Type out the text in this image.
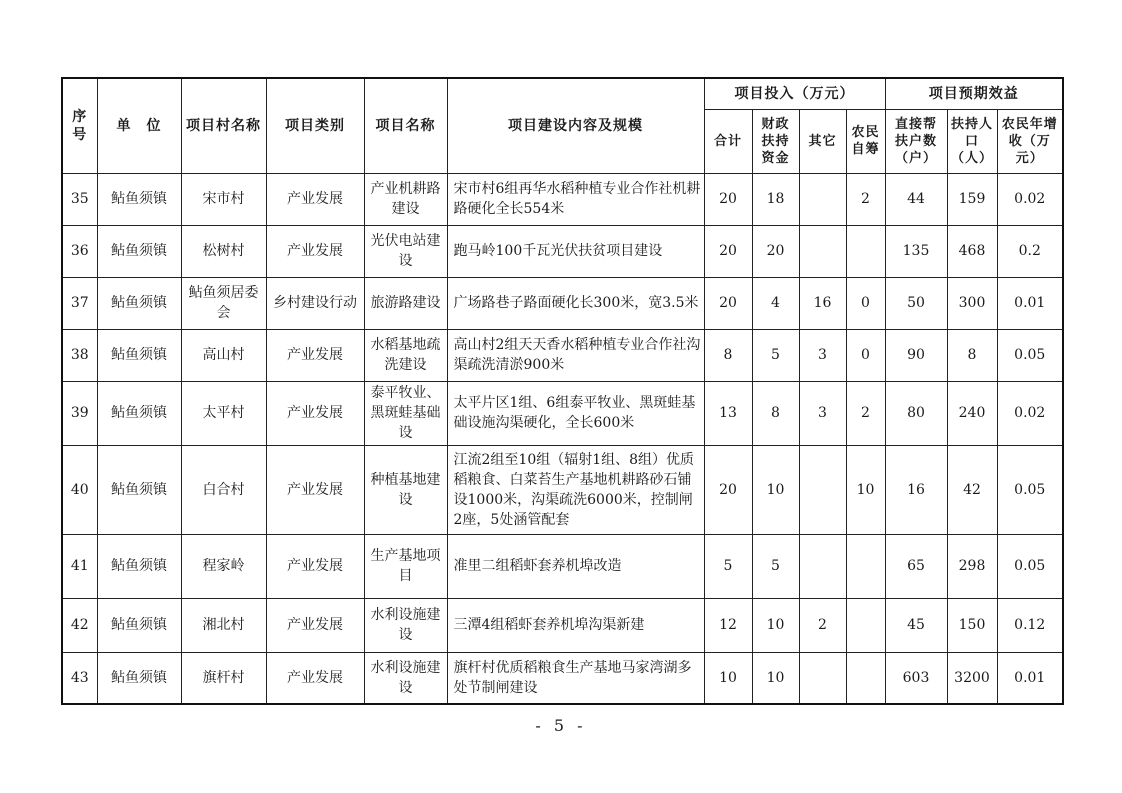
序号	单　位	项目村名称	项目类别	项目名称	项目建设内容及规模	项目投入（万元）				项目预期效益		
						合计	财政扶持资金	其它	农民自筹	直接帮扶户数（户）	扶持人口（人）	农民年增收（万元）
35	鲇鱼须镇	宋市村	产业发展	产业机耕路建设	宋市村6组再华水稻种植专业合作社机耕路硬化全长554米	20	18		2	44	159	0.02
36	鲇鱼须镇	松树村	产业发展	光伏电站建设	跑马岭100千瓦光伏扶贫项目建设	20	20			135	468	0.2
37	鲇鱼须镇	鲇鱼须居委会	乡村建设行动	旅游路建设	广场路巷子路面硬化长300米，宽3.5米	20	4	16	0	50	300	0.01
38	鲇鱼须镇	高山村	产业发展	水稻基地疏洗建设	高山村2组天天香水稻种植专业合作社沟渠疏洗清淤900米	8	5	3	0	90	8	0.05
39	鲇鱼须镇	太平村	产业发展	泰平牧业、黑斑蛙基础设	太平片区1组、6组泰平牧业、黑斑蛙基础设施沟渠硬化，全长600米	13	8	3	2	80	240	0.02
40	鲇鱼须镇	白合村	产业发展	种植基地建设	江流2组至10组（辐射1组、8组）优质稻粮食、白菜苔生产基地机耕路砂石铺设1000米，沟渠疏洗6000米，控制闸2座，5处涵管配套	20	10		10	16	42	0.05
41	鲇鱼须镇	程家岭	产业发展	生产基地项目	准里二组稻虾套养机埠改造	5	5			65	298	0.05
42	鲇鱼须镇	湘北村	产业发展	水利设施建设	三潭4组稻虾套养机埠沟渠新建	12	10	2		45	150	0.12
43	鲇鱼须镇	旗杆村	产业发展	水利设施建设	旗杆村优质稻粮食生产基地马家湾湖多处节制闸建设	10	10			603	3200	0.01
- 5 -
